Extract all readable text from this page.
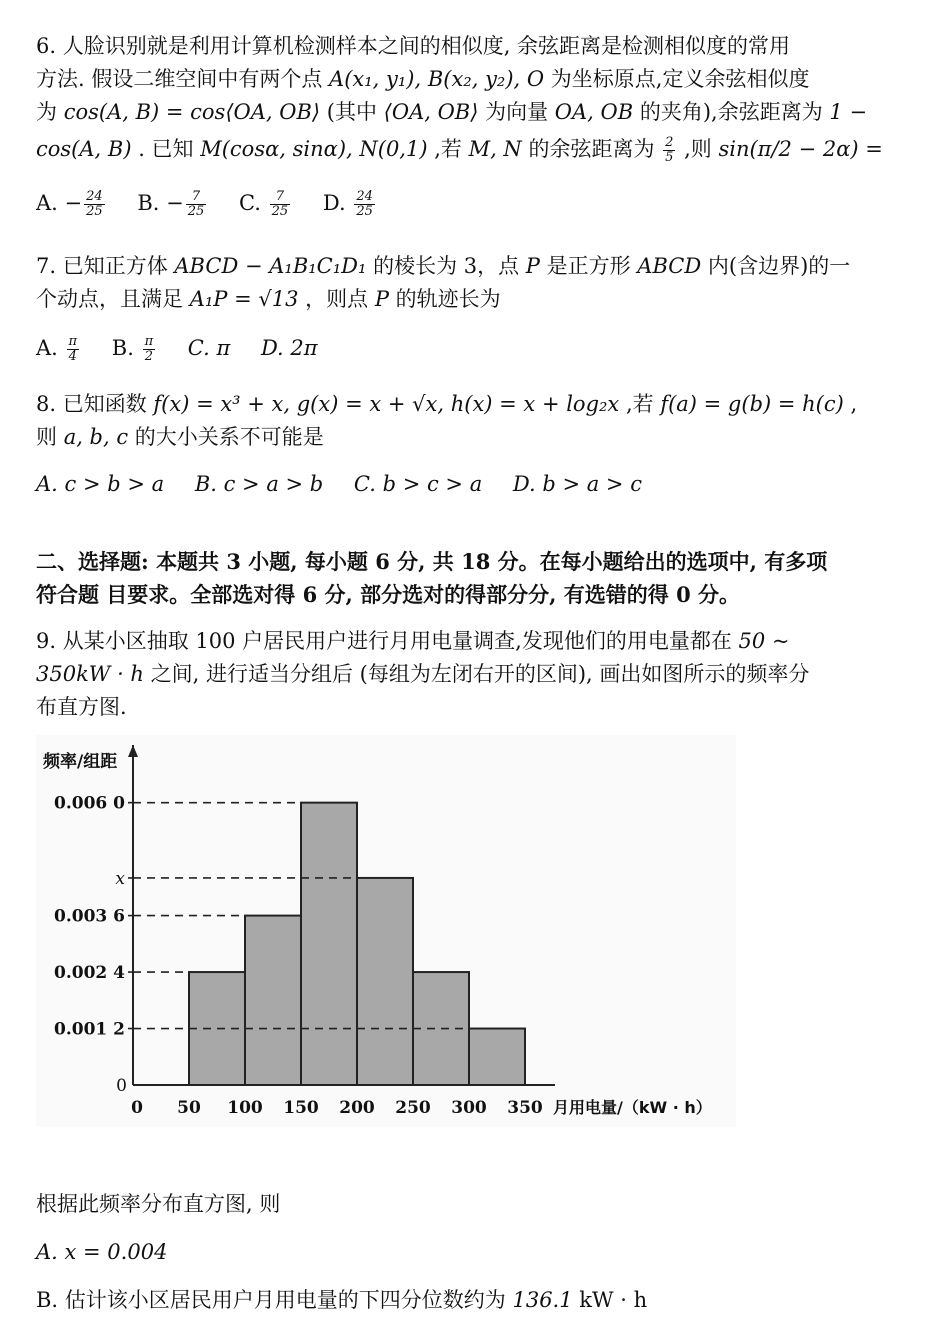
6. 人脸识别就是利用计算机检测样本之间的相似度, 余弦距离是检测相似度的常用
方法. 假设二维空间中有两个点 A(x₁, y₁), B(x₂, y₂), O 为坐标原点,定义余弦相似度
为 cos(A, B) = cos⟨OA, OB⟩ (其中 ⟨OA, OB⟩ 为向量 OA, OB 的夹角),余弦距离为 1 −
cos(A, B) . 已知 M(cosα, sinα), N(0,1) ,若 M, N 的余弦距离为 $\frac{2}{5}$ ,则 sin(π/2 − 2α) =
A. − $\frac{24}{25} B$. − $\frac{7}{25} C$. $\frac{7}{25} D$. $\frac{24}{25}$
7. 已知正方体 ABCD − A₁B₁C₁D₁ 的棱长为 3，点 P 是正方形 ABCD 内(含边界)的一
个动点，且满足 A₁P = √13 ，则点 P 的轨迹长为
A. $\frac{\pi}{4} B$. $\frac{\pi}{2} C$. π D. 2π
8. 已知函数 f(x) = x³ + x, g(x) = x + √x, h(x) = x + log₂x ,若 f(a) = g(b) = h(c) ,
则 a, b, c 的大小关系不可能是
A. c > b > a B. c > a > b C. b > c > a D. b > a > c
二、选择题: 本题共 3 小题, 每小题 6 分, 共 18 分。在每小题给出的选项中, 有多项
符合题 目要求。全部选对得 6 分, 部分选对的得部分分, 有选错的得 0 分。
9. 从某小区抽取 100 户居民用户进行月用电量调查,发现他们的用电量都在 50 ~
350kW · h 之间, 进行适当分组后 (每组为左闭右开的区间), 画出如图所示的频率分
布直方图.
0
0.001 2
0.002 4
0.003 6
x
0.006 0
频率/组距
0 50 100 150 200 250 300 350 月用电量/（kW · h）
根据此频率分布直方图, 则
A. x = 0.004
B. 估计该小区居民用户月用电量的下四分位数约为 136.1 kW · h
